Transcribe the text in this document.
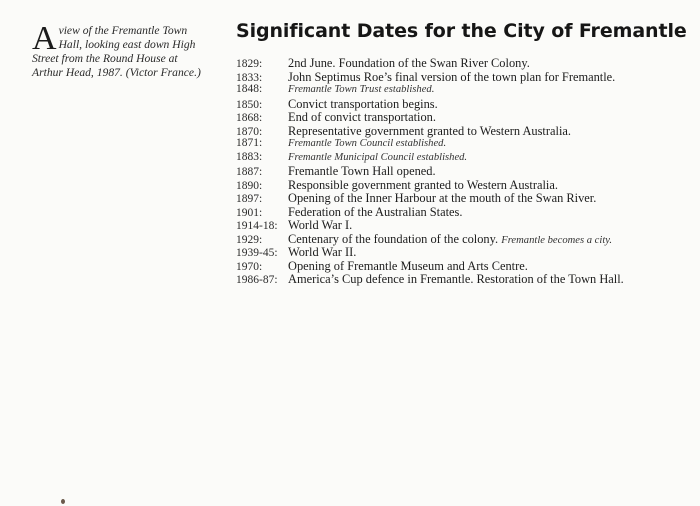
Aview of the Fremantle Town Hall, looking east down High Street from the Round House at Arthur Head, 1987. (Victor France.)
Significant Dates for the City of Fremantle
1829:	2nd June. Foundation of the Swan River Colony.
1833:	John Septimus Roe’s final version of the town plan for Fremantle.
1848:	Fremantle Town Trust established.
1850:	Convict transportation begins.
1868:	End of convict transportation.
1870:	Representative government granted to Western Australia.
1871:	Fremantle Town Council established.
1883:	Fremantle Municipal Council established.
1887:	Fremantle Town Hall opened.
1890:	Responsible government granted to Western Australia.
1897:	Opening of the Inner Harbour at the mouth of the Swan River.
1901:	Federation of the Australian States.
1914-18: World War I.
1929:	Centenary of the foundation of the colony. Fremantle becomes a city.
1939-45: World War II.
1970:	Opening of Fremantle Museum and Arts Centre.
1986-87: America’s Cup defence in Fremantle. Restoration of the Town Hall.
